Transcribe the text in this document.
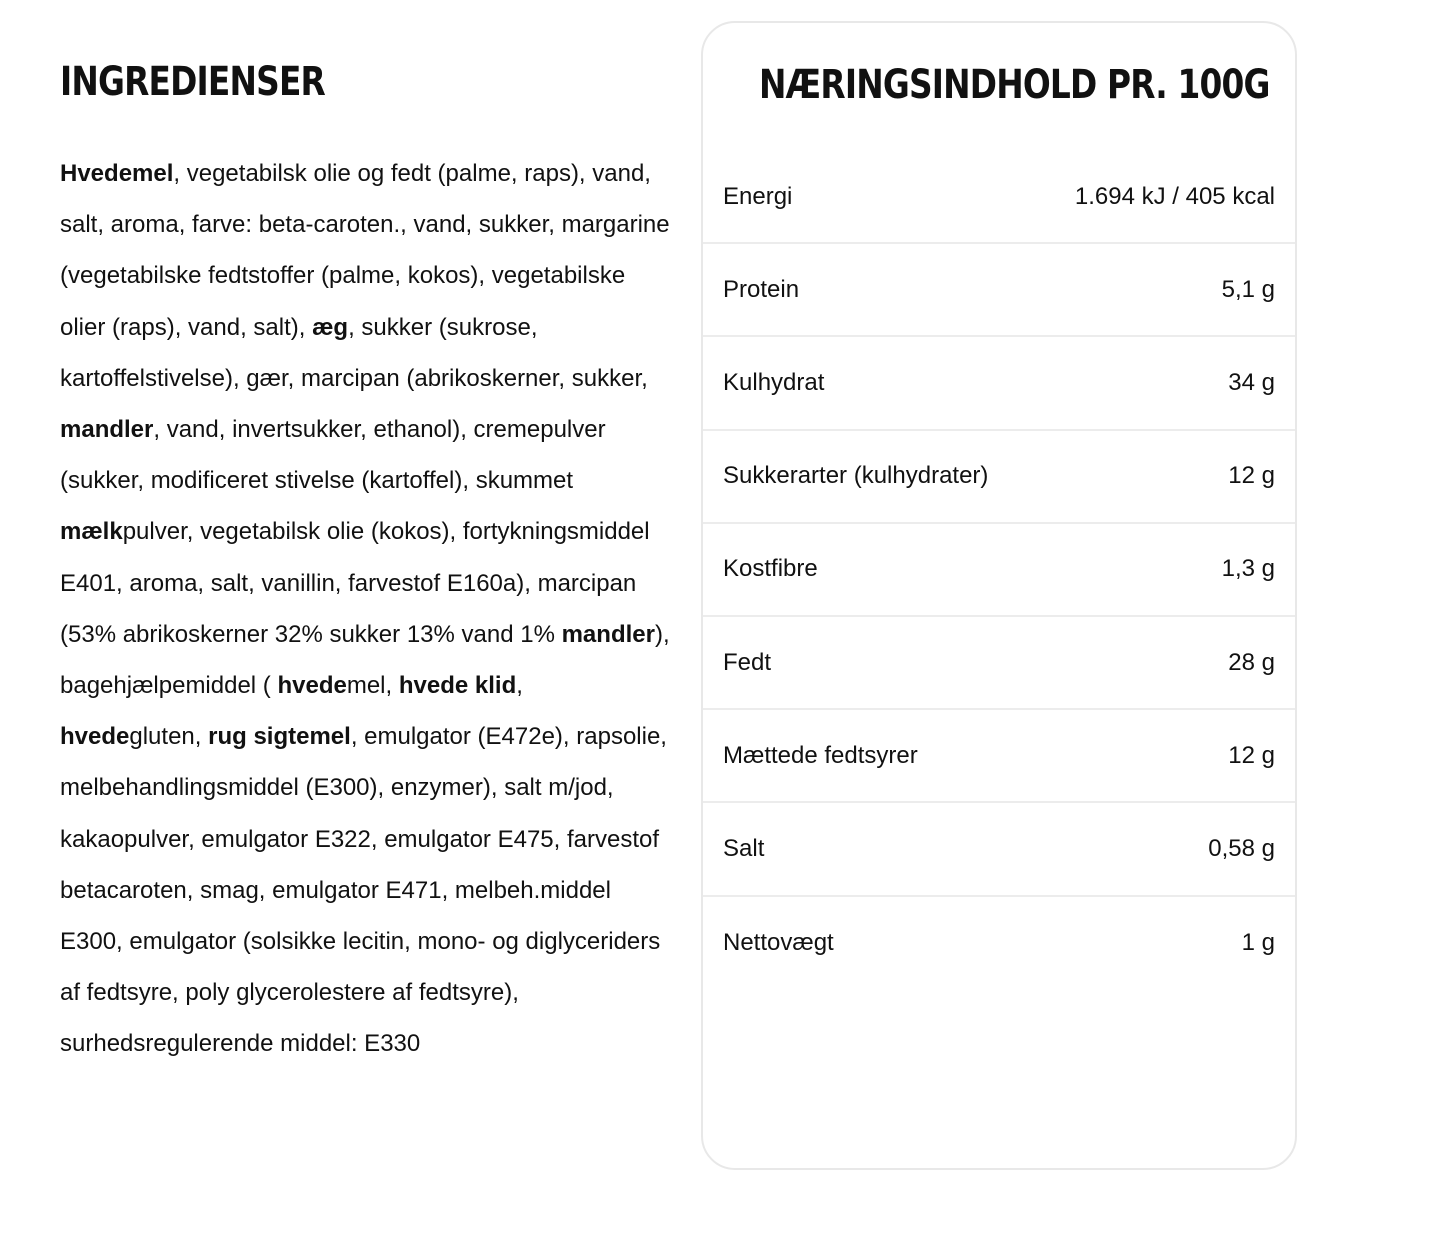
INGREDIENSER

Hvedemel, vegetabilsk olie og fedt (palme, raps), vand, salt, aroma, farve: beta-caroten., vand, sukker, margarine (vegetabilske fedtstoffer (palme, kokos), vegetabilske olier (raps), vand, salt), æg, sukker (sukrose, kartoffelstivelse), gær, marcipan (abrikoskerner, sukker, mandler, vand, invertsukker, ethanol), cremepulver (sukker, modificeret stivelse (kartoffel), skummet mælkpulver, vegetabilsk olie (kokos), fortykningsmiddel E401, aroma, salt, vanillin, farvestof E160a), marcipan (53% abrikoskerner 32% sukker 13% vand 1% mandler), bagehjælpemiddel ( hvedemel, hvede klid, hvedegluten, rug sigtemel, emulgator (E472e), rapsolie, melbehandlingsmiddel (E300), enzymer), salt m/jod, kakaopulver, emulgator E322, emulgator E475, farvestof betacaroten, smag, emulgator E471, melbeh.middel E300, emulgator (solsikke lecitin, mono- og diglyceriders af fedtsyre, poly glycerolestere af fedtsyre), surhedsregulerende middel: E330

NÆRINGSINDHOLD PR. 100G
Energi	1.694 kJ / 405 kcal
Protein	5,1 g
Kulhydrat	34 g
Sukkerarter (kulhydrater)	12 g
Kostfibre	1,3 g
Fedt	28 g
Mættede fedtsyrer	12 g
Salt	0,58 g
Nettovægt	1 g
